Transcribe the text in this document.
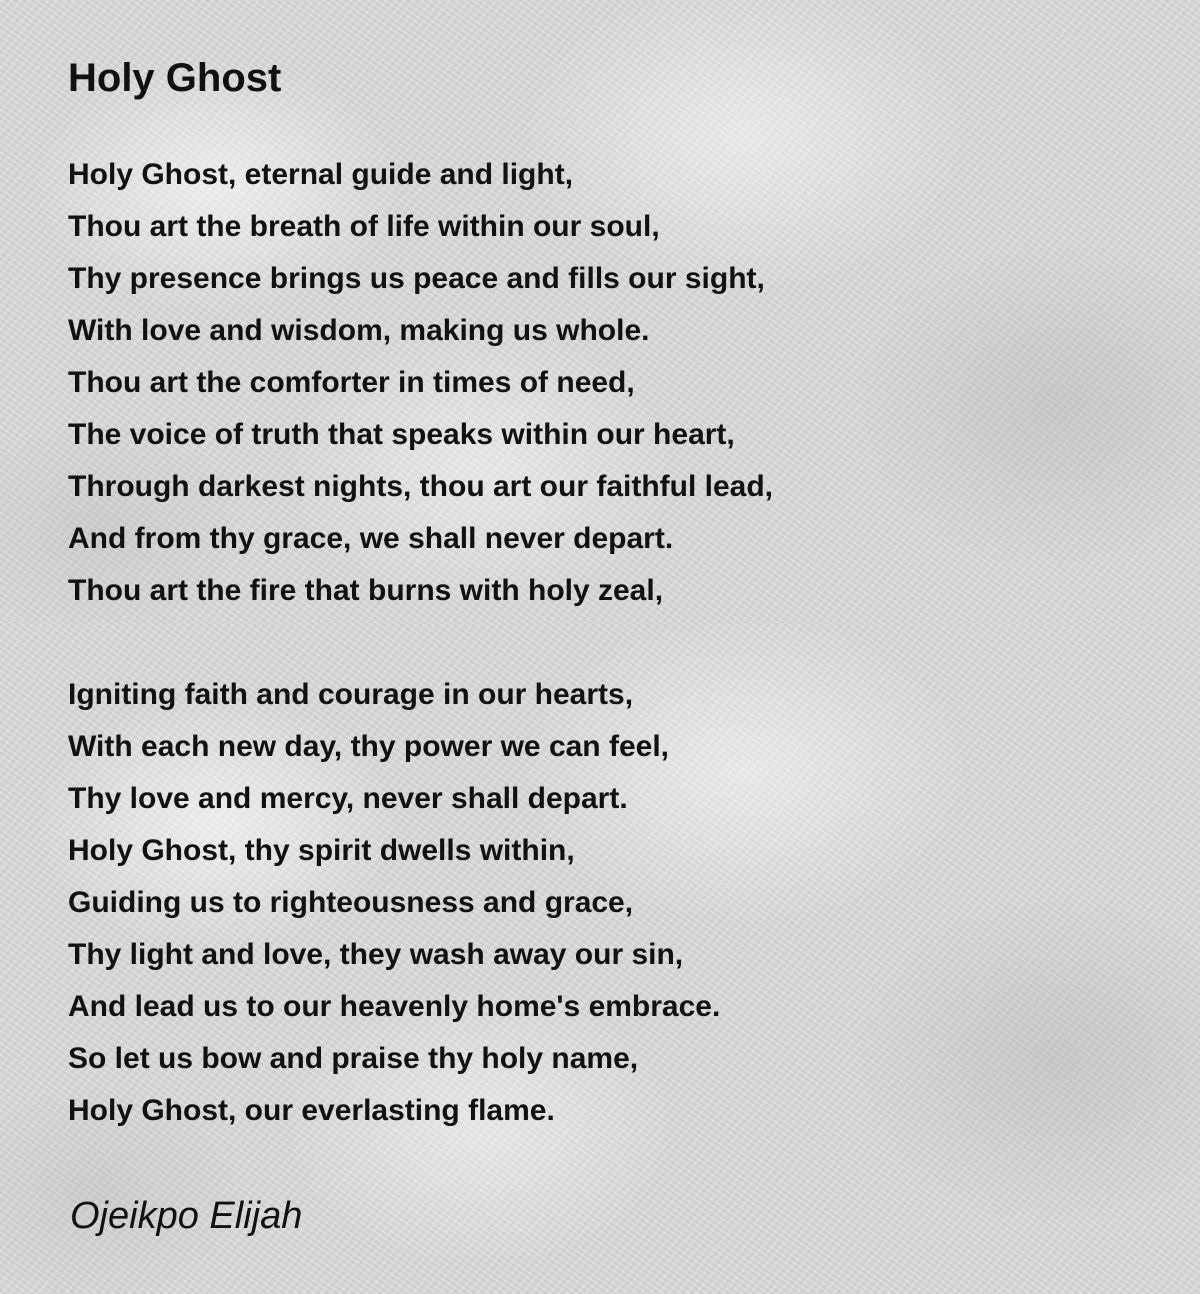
Holy Ghost
Holy Ghost, eternal guide and light,
Thou art the breath of life within our soul,
Thy presence brings us peace and fills our sight,
With love and wisdom, making us whole.
Thou art the comforter in times of need,
The voice of truth that speaks within our heart,
Through darkest nights, thou art our faithful lead,
And from thy grace, we shall never depart.
Thou art the fire that burns with holy zeal,
Igniting faith and courage in our hearts,
With each new day, thy power we can feel,
Thy love and mercy, never shall depart.
Holy Ghost, thy spirit dwells within,
Guiding us to righteousness and grace,
Thy light and love, they wash away our sin,
And lead us to our heavenly home's embrace.
So let us bow and praise thy holy name,
Holy Ghost, our everlasting flame.
Ojeikpo Elijah
